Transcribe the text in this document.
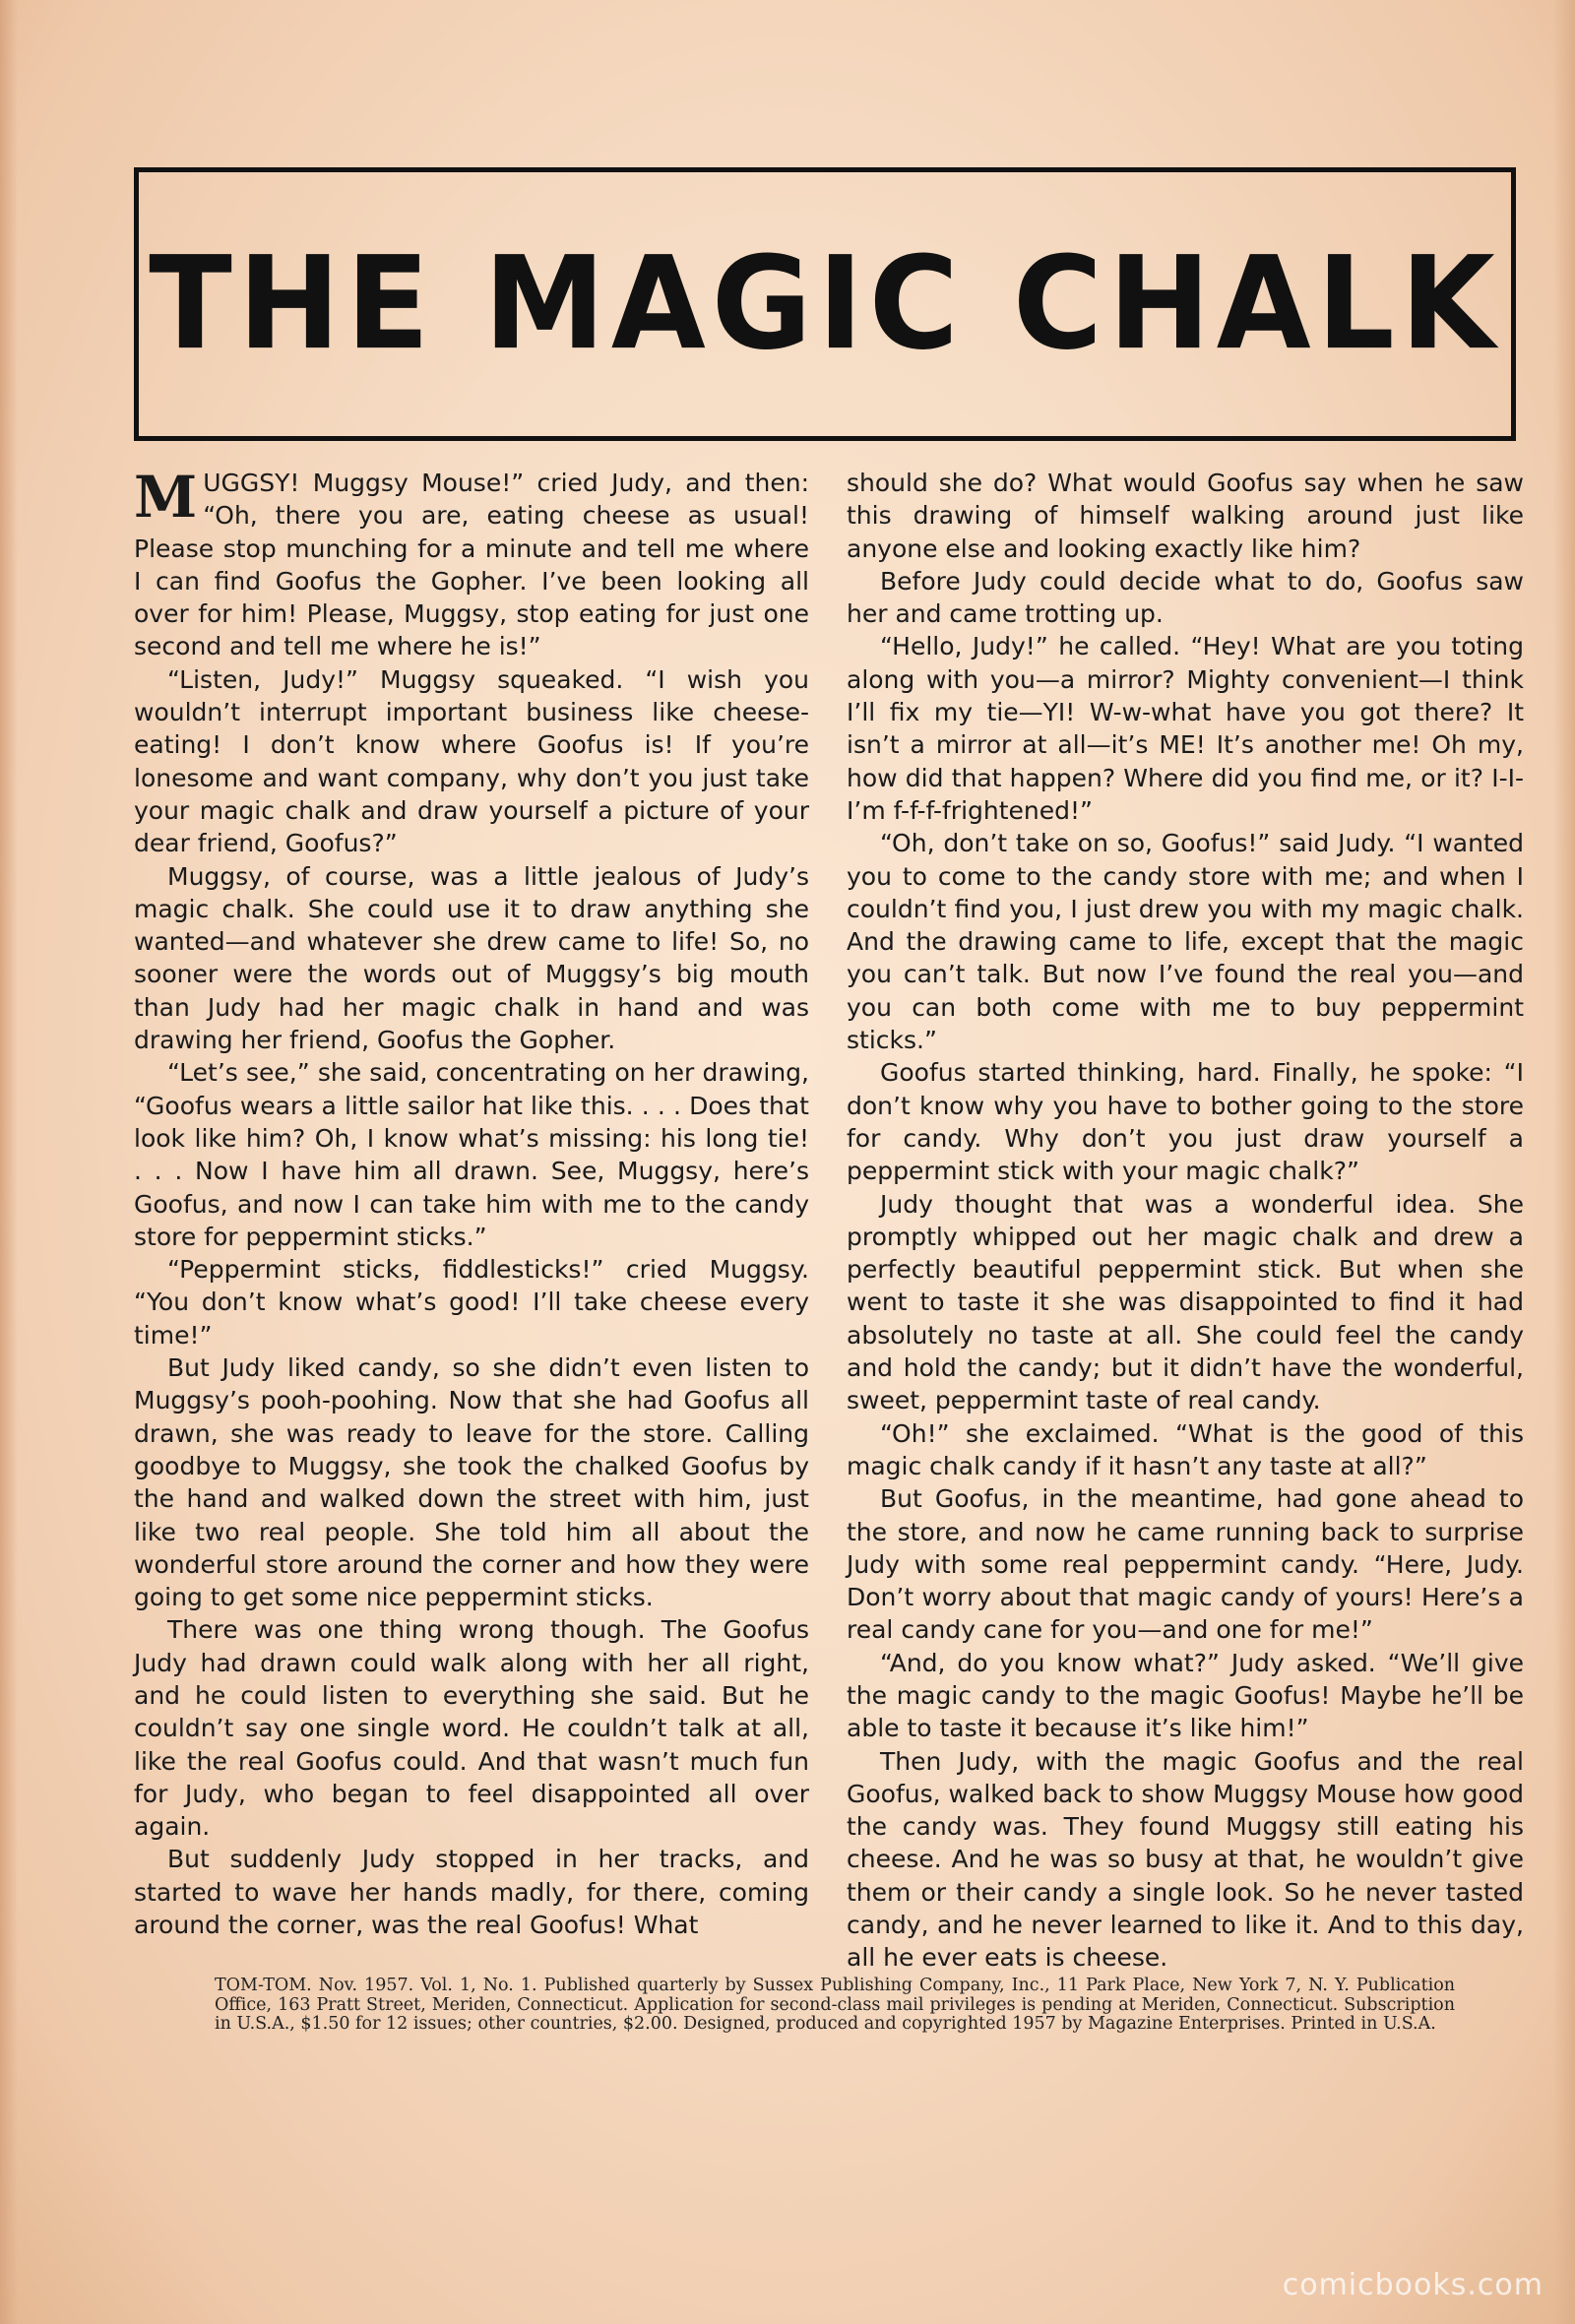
THE MAGIC CHALK

MUGGSY! Muggsy Mouse!” cried Judy, and then: “Oh, there you are, eating cheese as usual! Please stop munching for a minute and tell me where I can find Goofus the Gopher. I’ve been looking all over for him! Please, Muggsy, stop eating for just one second and tell me where he is!”

“Listen, Judy!” Muggsy squeaked. “I wish you wouldn’t interrupt important business like cheese-eating! I don’t know where Goofus is! If you’re lonesome and want company, why don’t you just take your magic chalk and draw yourself a picture of your dear friend, Goofus?”

Muggsy, of course, was a little jealous of Judy’s magic chalk. She could use it to draw anything she wanted—and whatever she drew came to life! So, no sooner were the words out of Muggsy’s big mouth than Judy had her magic chalk in hand and was drawing her friend, Goofus the Gopher.

“Let’s see,” she said, concentrating on her drawing, “Goofus wears a little sailor hat like this. . . . Does that look like him? Oh, I know what’s missing: his long tie! . . . Now I have him all drawn. See, Muggsy, here’s Goofus, and now I can take him with me to the candy store for peppermint sticks.”

“Peppermint sticks, fiddlesticks!” cried Muggsy. “You don’t know what’s good! I’ll take cheese every time!”

But Judy liked candy, so she didn’t even listen to Muggsy’s pooh-poohing. Now that she had Goofus all drawn, she was ready to leave for the store. Calling goodbye to Muggsy, she took the chalked Goofus by the hand and walked down the street with him, just like two real people. She told him all about the wonderful store around the corner and how they were going to get some nice peppermint sticks.

There was one thing wrong though. The Goofus Judy had drawn could walk along with her all right, and he could listen to everything she said. But he couldn’t say one single word. He couldn’t talk at all, like the real Goofus could. And that wasn’t much fun for Judy, who began to feel disappointed all over again.

But suddenly Judy stopped in her tracks, and started to wave her hands madly, for there, coming around the corner, was the real Goofus! What

should she do? What would Goofus say when he saw this drawing of himself walking around just like anyone else and looking exactly like him?

Before Judy could decide what to do, Goofus saw her and came trotting up.

“Hello, Judy!” he called. “Hey! What are you toting along with you—a mirror? Mighty convenient—I think I’ll fix my tie—YI! W-w-what have you got there? It isn’t a mirror at all—it’s ME! It’s another me! Oh my, how did that happen? Where did you find me, or it? I-I-I’m f-f-f-frightened!”

“Oh, don’t take on so, Goofus!” said Judy. “I wanted you to come to the candy store with me; and when I couldn’t find you, I just drew you with my magic chalk. And the drawing came to life, except that the magic you can’t talk. But now I’ve found the real you—and you can both come with me to buy peppermint sticks.”

Goofus started thinking, hard. Finally, he spoke: “I don’t know why you have to bother going to the store for candy. Why don’t you just draw yourself a peppermint stick with your magic chalk?”

Judy thought that was a wonderful idea. She promptly whipped out her magic chalk and drew a perfectly beautiful peppermint stick. But when she went to taste it she was disappointed to find it had absolutely no taste at all. She could feel the candy and hold the candy; but it didn’t have the wonderful, sweet, peppermint taste of real candy.

“Oh!” she exclaimed. “What is the good of this magic chalk candy if it hasn’t any taste at all?”

But Goofus, in the meantime, had gone ahead to the store, and now he came running back to surprise Judy with some real peppermint candy. “Here, Judy. Don’t worry about that magic candy of yours! Here’s a real candy cane for you—and one for me!”

“And, do you know what?” Judy asked. “We’ll give the magic candy to the magic Goofus! Maybe he’ll be able to taste it because it’s like him!”

Then Judy, with the magic Goofus and the real Goofus, walked back to show Muggsy Mouse how good the candy was. They found Muggsy still eating his cheese. And he was so busy at that, he wouldn’t give them or their candy a single look. So he never tasted candy, and he never learned to like it. And to this day, all he ever eats is cheese.

TOM-TOM. Nov. 1957. Vol. 1, No. 1. Published quarterly by Sussex Publishing Company, Inc., 11 Park Place, New York 7, N. Y. Publication Office, 163 Pratt Street, Meriden, Connecticut. Application for second-class mail privileges is pending at Meriden, Connecticut. Subscription in U.S.A., $1.50 for 12 issues; other countries, $2.00. Designed, produced and copyrighted 1957 by Magazine Enterprises. Printed in U.S.A.
comicbooks.com
